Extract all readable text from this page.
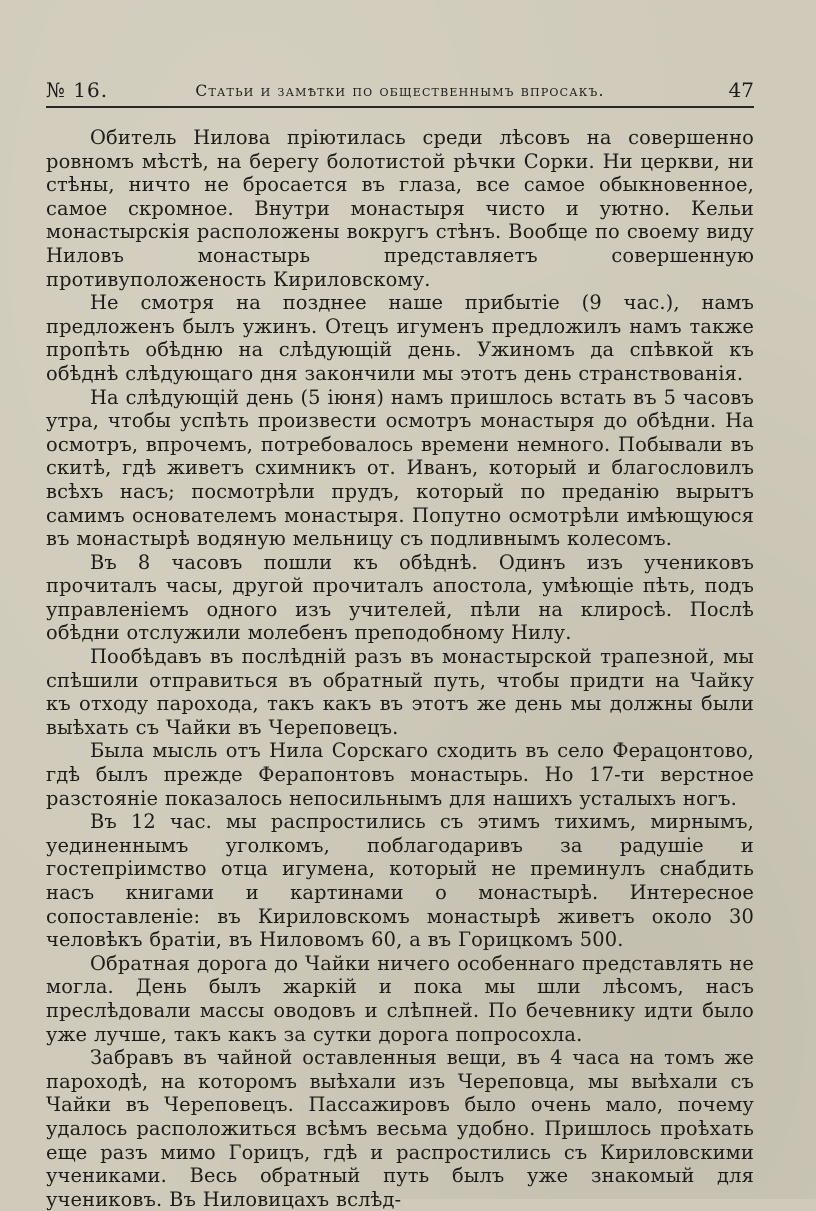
№ 16.	Статьи и замѣтки по общественнымъ впросакъ.	47

Обитель Нилова пріютилась среди лѣсовъ на совершенно ровномъ мѣстѣ, на берегу болотистой рѣчки Сорки. Ни церкви, ни стѣны, ничто не бросается въ глаза, все самое обыкновенное, самое скромное. Внутри монастыря чисто и уютно. Кельи монастырскія расположены вокругъ стѣнъ. Вообще по своему виду Ниловъ монастырь представляетъ совершенную противуположеность Кириловскому.

Не смотря на позднее наше прибытіе (9 час.), намъ предложенъ былъ ужинъ. Отецъ игуменъ предложилъ намъ также пропѣть обѣдню на слѣдующій день. Ужиномъ да спѣвкой къ обѣднѣ слѣдующаго дня закончили мы этотъ день странствованія.

На слѣдующій день (5 іюня) намъ пришлось встать въ 5 часовъ утра, чтобы успѣть произвести осмотръ монастыря до обѣдни. На осмотръ, впрочемъ, потребовалось времени немного. Побывали въ скитѣ, гдѣ живетъ схимникъ от. Иванъ, который и благословилъ всѣхъ насъ; посмотрѣли прудъ, который по преданію вырытъ самимъ основателемъ монастыря. Попутно осмотрѣли имѣющуюся въ монастырѣ водяную мельницу съ подливнымъ колесомъ.

Въ 8 часовъ пошли къ обѣднѣ. Одинъ изъ учениковъ прочиталъ часы, другой прочиталъ апостола, умѣющіе пѣть, подъ управленіемъ одного изъ учителей, пѣли на клиросѣ. Послѣ обѣдни отслужили молебенъ преподобному Нилу.

Пообѣдавъ въ послѣдній разъ въ монастырской трапезной, мы спѣшили отправиться въ обратный путь, чтобы придти на Чайку къ отходу парохода, такъ какъ въ этотъ же день мы должны были выѣхать съ Чайки въ Череповецъ.

Была мысль отъ Нила Сорскаго сходить въ село Ферацонтово, гдѣ былъ прежде Ферапонтовъ монастырь. Но 17-ти верстное разстояніе показалось непосильнымъ для нашихъ усталыхъ ногъ.

Въ 12 час. мы распростились съ этимъ тихимъ, мирнымъ, уединеннымъ уголкомъ, поблагодаривъ за радушіе и гостепріимство отца игумена, который не преминулъ снабдить насъ книгами и картинами о монастырѣ. Интересное сопоставленіе: въ Кириловскомъ монастырѣ живетъ около 30 человѣкъ братіи, въ Ниловомъ 60, а въ Горицкомъ 500.

Обратная дорога до Чайки ничего особеннаго представлять не могла. День былъ жаркій и пока мы шли лѣсомъ, насъ преслѣдовали массы оводовъ и слѣпней. По бечевнику идти было уже лучше, такъ какъ за сутки дорога попросохла.

Забравъ въ чайной оставленныя вещи, въ 4 часа на томъ же пароходѣ, на которомъ выѣхали изъ Череповца, мы выѣхали съ Чайки въ Череповецъ. Пассажировъ было очень мало, почему удалось расположиться всѣмъ весьма удобно. Пришлось проѣхать еще разъ мимо Горицъ, гдѣ и распростились съ Кириловскими учениками. Весь обратный путь былъ уже знакомый для учениковъ. Въ Ниловицахъ вслѣд-
